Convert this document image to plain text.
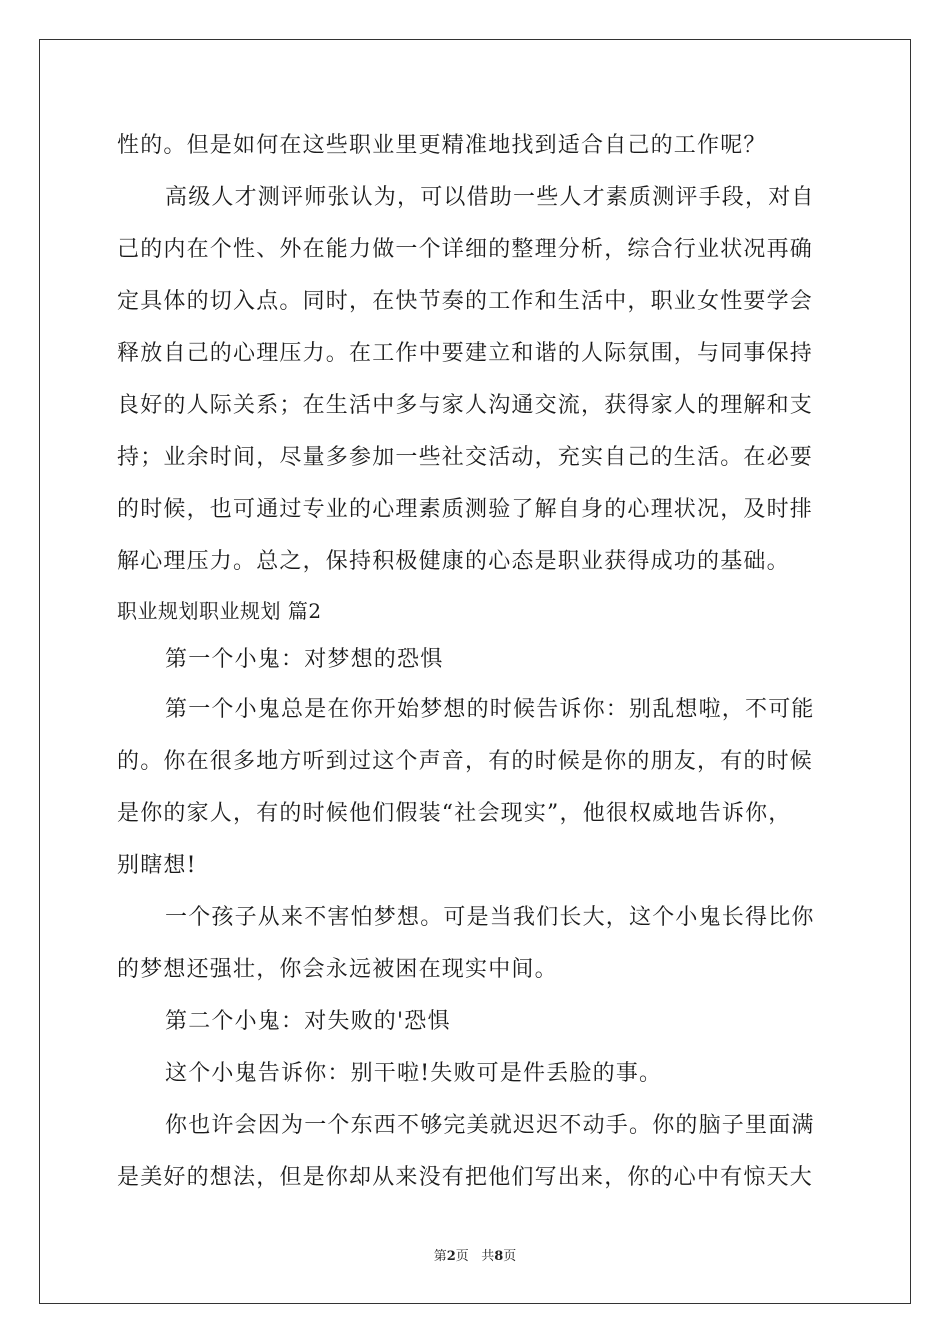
性的。但是如何在这些职业里更精准地找到适合自己的工作呢？
高级人才测评师张认为，可以借助一些人才素质测评手段，对自
己的内在个性、外在能力做一个详细的整理分析，综合行业状况再确
定具体的切入点。同时，在快节奏的工作和生活中，职业女性要学会
释放自己的心理压力。在工作中要建立和谐的人际氛围，与同事保持
良好的人际关系；在生活中多与家人沟通交流，获得家人的理解和支
持；业余时间，尽量多参加一些社交活动，充实自己的生活。在必要
的时候，也可通过专业的心理素质测验了解自身的心理状况，及时排
解心理压力。总之，保持积极健康的心态是职业获得成功的基础。
职业规划职业规划 篇2
第一个小鬼：对梦想的恐惧
第一个小鬼总是在你开始梦想的时候告诉你：别乱想啦，不可能
的。你在很多地方听到过这个声音，有的时候是你的朋友，有的时候
是你的家人，有的时候他们假装“社会现实”，他很权威地告诉你，
别瞎想!
一个孩子从来不害怕梦想。可是当我们长大，这个小鬼长得比你
的梦想还强壮，你会永远被困在现实中间。
第二个小鬼：对失败的'恐惧
这个小鬼告诉你：别干啦!失败可是件丢脸的事。
你也许会因为一个东西不够完美就迟迟不动手。你的脑子里面满
是美好的想法，但是你却从来没有把他们写出来，你的心中有惊天大
第2页 共8页
